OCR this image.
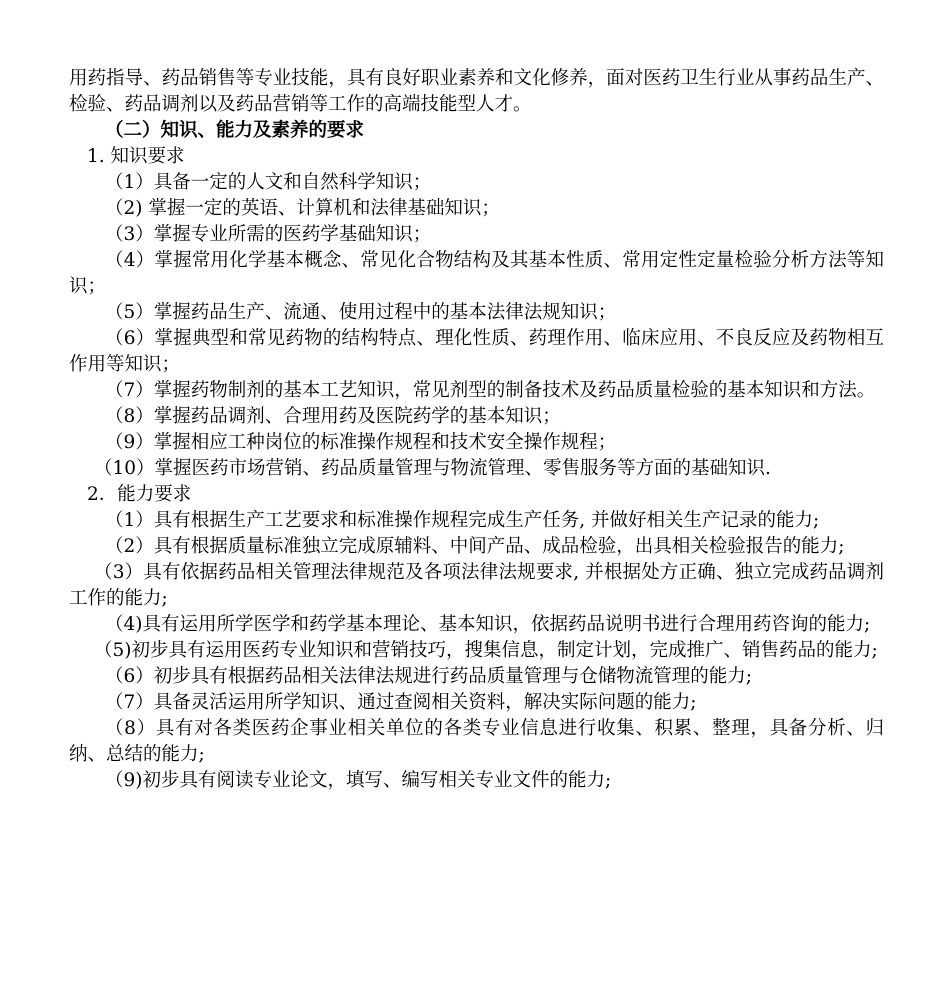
用药指导、药品销售等专业技能，具有良好职业素养和文化修养，面对医药卫生行业从事药品生产、检验、药品调剂以及药品营销等工作的高端技能型人才。
（二）知识、能力及素养的要求
1. 知识要求
（1）具备一定的人文和自然科学知识；
（2) 掌握一定的英语、计算机和法律基础知识；
（3）掌握专业所需的医药学基础知识；
（4）掌握常用化学基本概念、常见化合物结构及其基本性质、常用定性定量检验分析方法等知识；
（5）掌握药品生产、流通、使用过程中的基本法律法规知识；
（6）掌握典型和常见药物的结构特点、理化性质、药理作用、临床应用、不良反应及药物相互作用等知识；
（7）掌握药物制剂的基本工艺知识，常见剂型的制备技术及药品质量检验的基本知识和方法。
（8）掌握药品调剂、合理用药及医院药学的基本知识；
（9）掌握相应工种岗位的标准操作规程和技术安全操作规程；
（10）掌握医药市场营销、药品质量管理与物流管理、零售服务等方面的基础知识.
2．能力要求
（1）具有根据生产工艺要求和标准操作规程完成生产任务, 并做好相关生产记录的能力;
（2）具有根据质量标准独立完成原辅料、中间产品、成品检验，出具相关检验报告的能力;
（3）具有依据药品相关管理法律规范及各项法律法规要求, 并根据处方正确、独立完成药品调剂工作的能力;
（4)具有运用所学医学和药学基本理论、基本知识，依据药品说明书进行合理用药咨询的能力;
（5)初步具有运用医药专业知识和营销技巧，搜集信息，制定计划，完成推广、销售药品的能力;
（6）初步具有根据药品相关法律法规进行药品质量管理与仓储物流管理的能力;
（7）具备灵活运用所学知识、通过查阅相关资料，解决实际问题的能力;
（8）具有对各类医药企事业相关单位的各类专业信息进行收集、积累、整理，具备分析、归纳、总结的能力;
（9)初步具有阅读专业论文，填写、编写相关专业文件的能力;
